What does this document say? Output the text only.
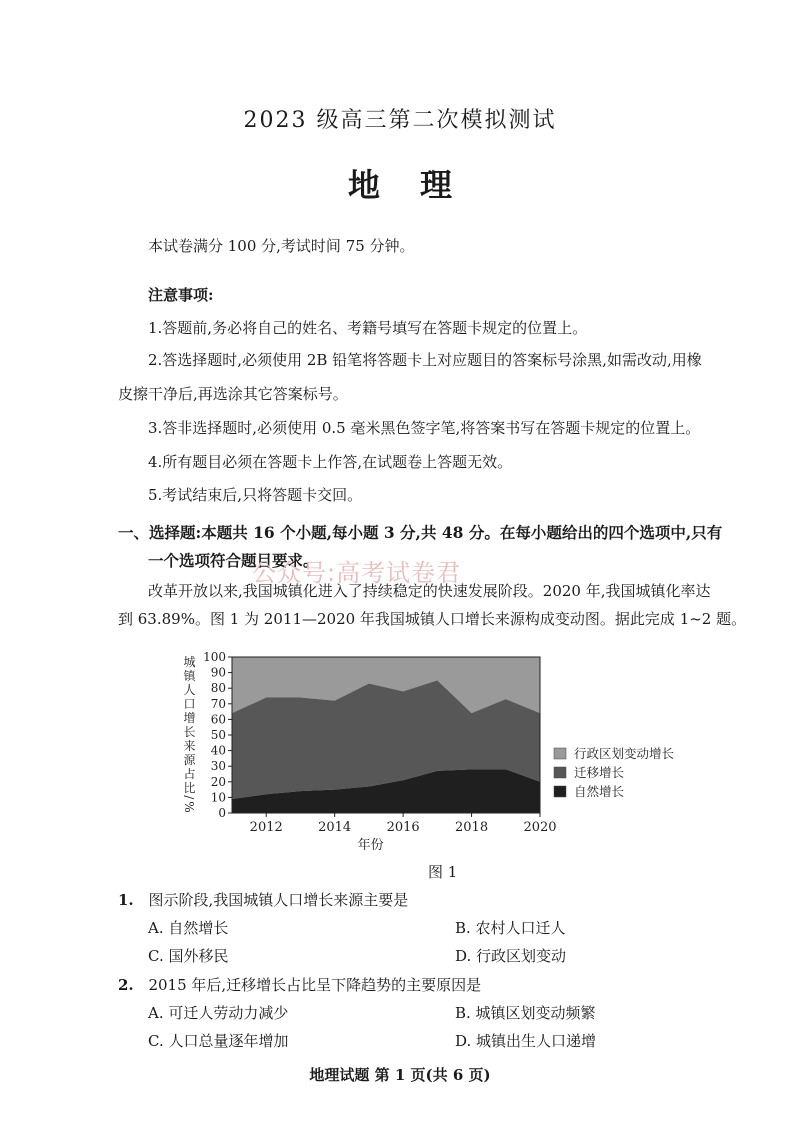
2023 级高三第二次模拟测试
地理
本试卷满分 100 分,考试时间 75 分钟。
注意事项:
1.答题前,务必将自己的姓名、考籍号填写在答题卡规定的位置上。
2.答选择题时,必须使用 2B 铅笔将答题卡上对应题目的答案标号涂黑,如需改动,用橡
皮擦干净后,再选涂其它答案标号。
3.答非选择题时,必须使用 0.5 毫米黑色签字笔,将答案书写在答题卡规定的位置上。
4.所有题目必须在答题卡上作答,在试题卷上答题无效。
5.考试结束后,只将答题卡交回。
一、选择题:本题共 16 个小题,每小题 3 分,共 48 分。在每小题给出的四个选项中,只有
一个选项符合题目要求。
公众号:高考试卷君
改革开放以来,我国城镇化进入了持续稳定的快速发展阶段。2020 年,我国城镇化率达
到 63.89%。图 1 为 2011—2020 年我国城镇人口增长来源构成变动图。据此完成 1~2 题。
0
10
20
30
40
50
60
70
80
90
100
2012	2014	2016	2018	2020
年份
城镇人口增长来源占比/%	行政区划变动增长
迁移增长
自然增长
图 1
1. 图示阶段,我国城镇人口增长来源主要是
A. 自然增长	B. 农村人口迁人
C. 国外移民	D. 行政区划变动
2. 2015 年后,迁移增长占比呈下降趋势的主要原因是
A. 可迁人劳动力减少	B. 城镇区划变动频繁
C. 人口总量逐年增加	D. 城镇出生人口递增
地理试题 第 1 页(共 6 页)
